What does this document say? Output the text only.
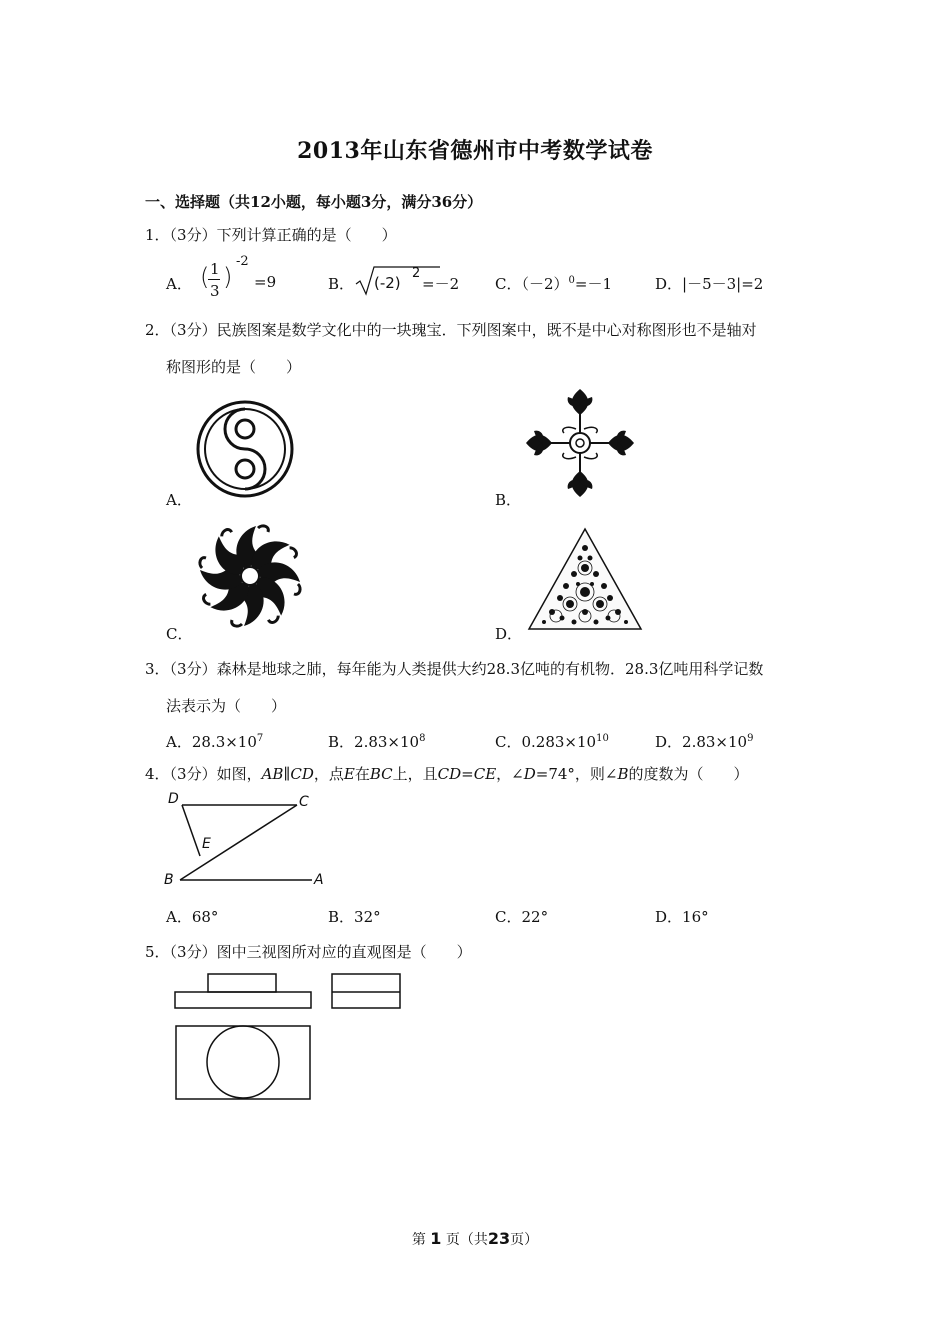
2013年山东省德州市中考数学试卷
一、选择题（共12小题，每小题3分，满分36分）
1．（3分）下列计算正确的是（　　）
A． ( 1
3 )
-2
=9	B． (-2)
2
=－2 C．$(-2)^0=-1$	D．|－5－3|=2
2．（3分）民族图案是数学文化中的一块瑰宝．下列图案中，既不是中心对称图形也不是轴对
称图形的是（　　）
A．	B．
C．	D．
3．（3分）森林是地球之肺，每年能为人类提供大约28.3亿吨的有机物．28.3亿吨用科学记数
法表示为（　　）
A．$28.3\times 10^7$	B．$2.83\times 10^8$	C．$0.283\times 10^{10}$	D．$2.83\times 10^9$
4．（3分）如图，AB∥CD，点E在BC上，且CD=CE，∠D=74°，则∠B的度数为（　　）
D	C
E
B	A
A．68°	B．32°	C．22°	D．16°
5．（3分）图中三视图所对应的直观图是（　　）
第 1 页（共23页）
